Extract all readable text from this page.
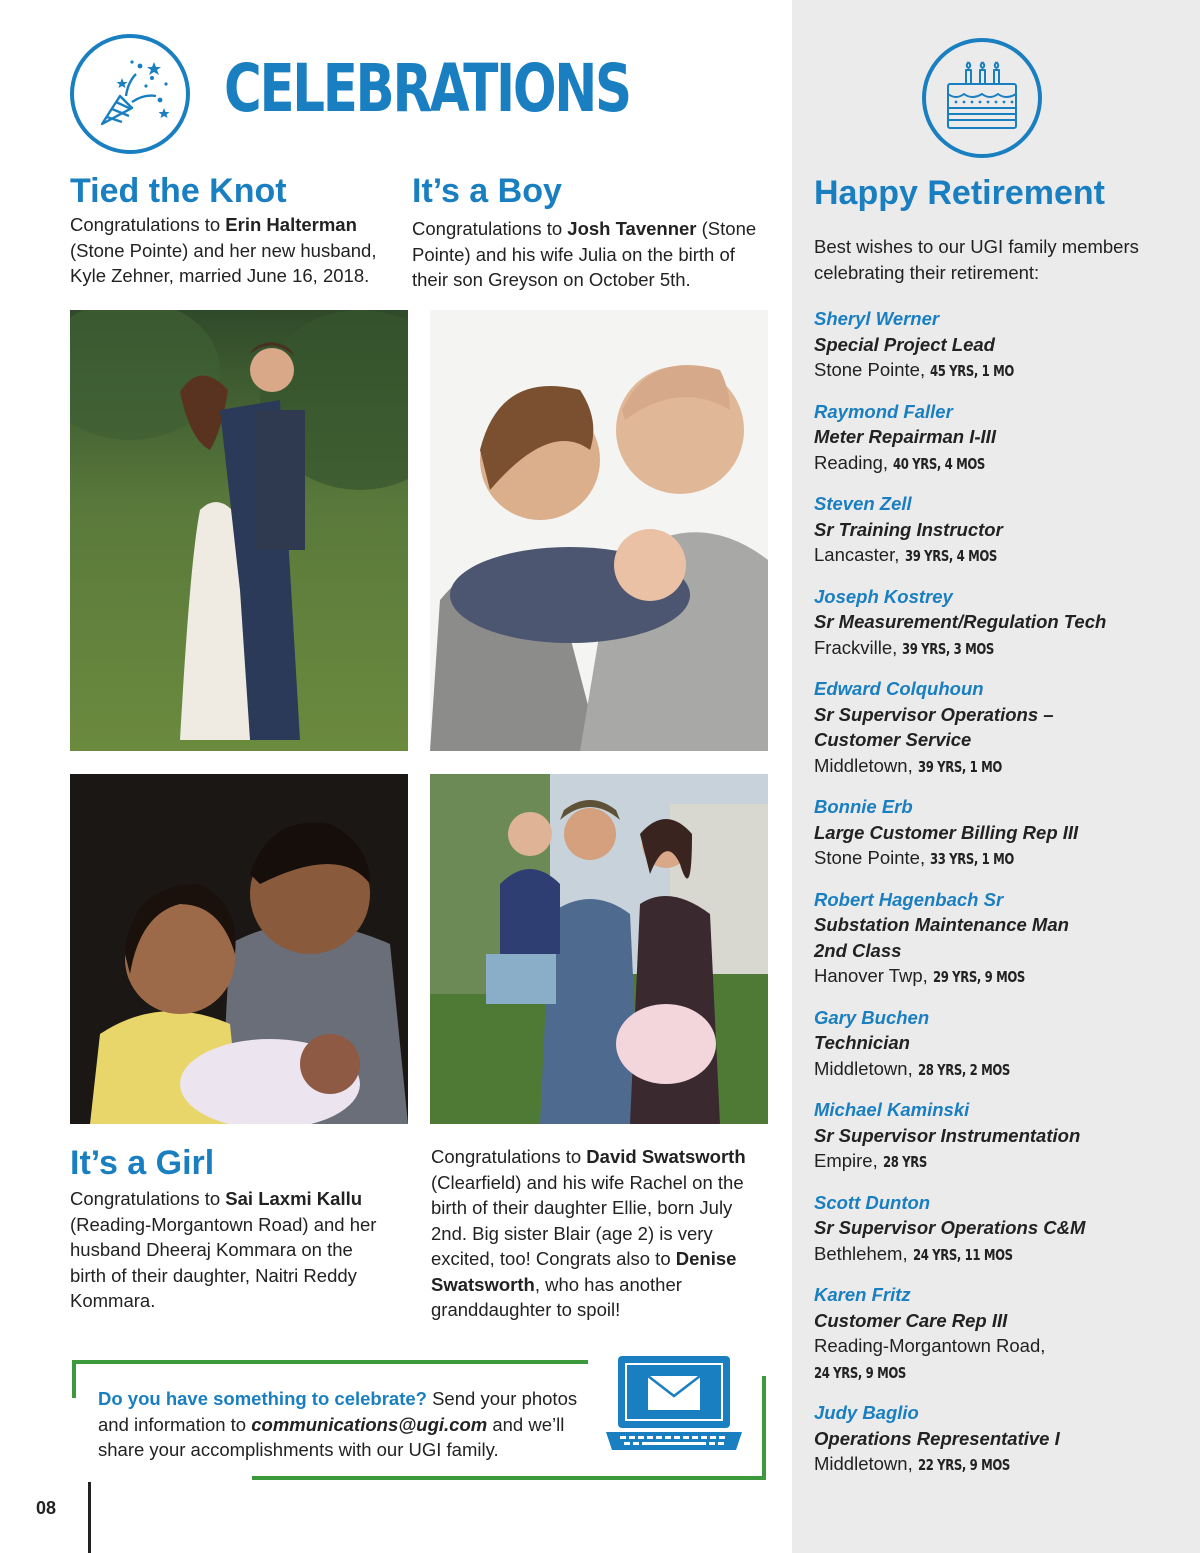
CELEBRATIONS
Tied the Knot

Congratulations to Erin Halterman (Stone Pointe) and her new husband, Kyle Zehner, married June 16, 2018.

It’s a Boy

Congratulations to Josh Tavenner (Stone Pointe) and his wife Julia on the birth of their son Greyson on October 5th.

It’s a Girl

Congratulations to Sai Laxmi Kallu (Reading-Morgantown Road) and her husband Dheeraj Kommara on the birth of their daughter, Naitri Reddy Kommara.

Congratulations to David Swatsworth (Clearfield) and his wife Rachel on the birth of their daughter Ellie, born July 2nd. Big sister Blair (age 2) is very excited, too! Congrats also to Denise Swatsworth, who has another granddaughter to spoil!

Happy Retirement

Best wishes to our UGI family members celebrating their retirement:

Sheryl Werner
Special Project Lead
Stone Pointe, 45 YRS, 1 MO
Raymond Faller
Meter Repairman I-III
Reading, 40 YRS, 4 MOS
Steven Zell
Sr Training Instructor
Lancaster, 39 YRS, 4 MOS
Joseph Kostrey
Sr Measurement/Regulation Tech
Frackville, 39 YRS, 3 MOS
Edward Colquhoun
Sr Supervisor Operations – Customer Service
Middletown, 39 YRS, 1 MO
Bonnie Erb
Large Customer Billing Rep III
Stone Pointe, 33 YRS, 1 MO
Robert Hagenbach Sr
Substation Maintenance Man 2nd Class
Hanover Twp, 29 YRS, 9 MOS
Gary Buchen
Technician
Middletown, 28 YRS, 2 MOS
Michael Kaminski
Sr Supervisor Instrumentation
Empire, 28 YRS
Scott Dunton
Sr Supervisor Operations C&M
Bethlehem, 24 YRS, 11 MOS
Karen Fritz
Customer Care Rep III
Reading-Morgantown Road,
24 YRS, 9 MOS
Judy Baglio
Operations Representative I
Middletown, 22 YRS, 9 MOS

Do you have something to celebrate? Send your photos and information to communications@ugi.com and we’ll share your accomplishments with our UGI family.

08
